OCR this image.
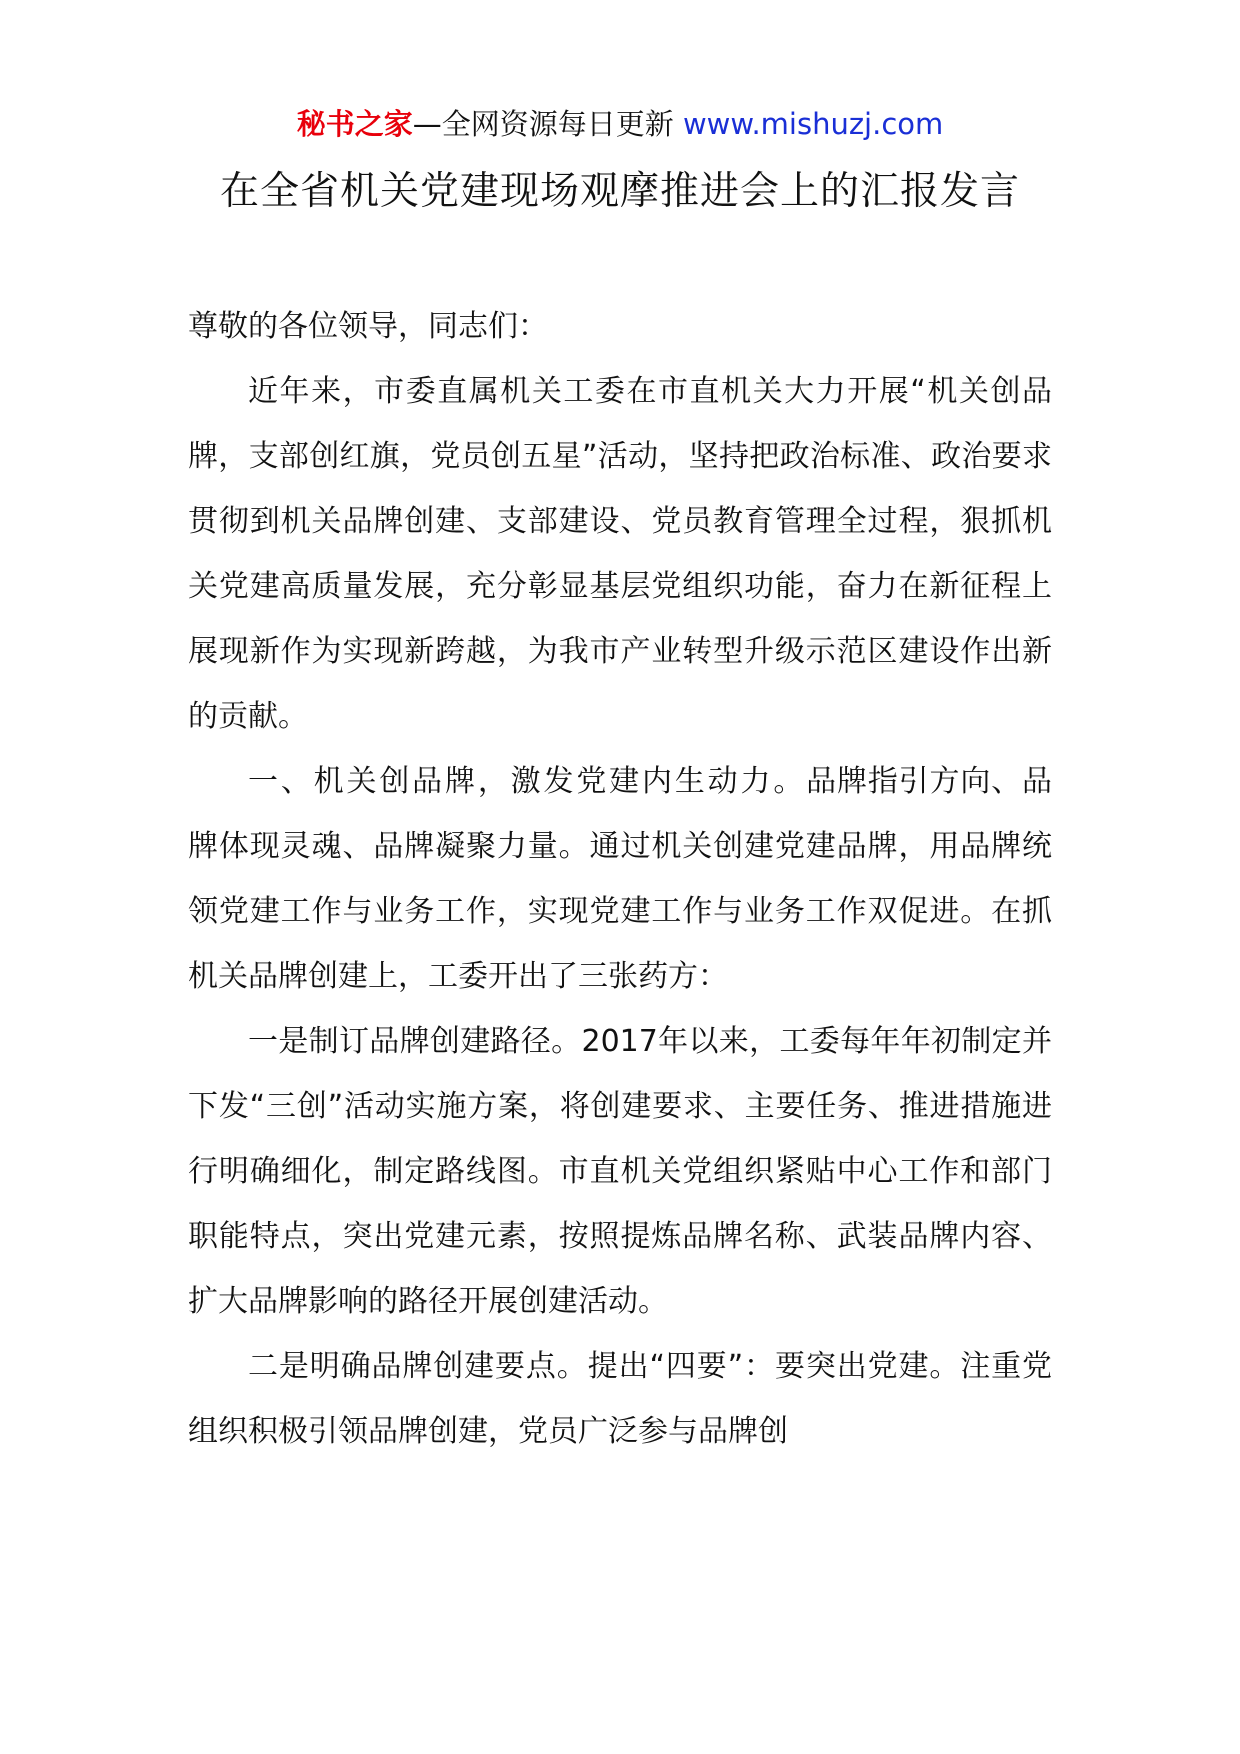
秘书之家—全网资源每日更新 www.mishuzj.com
在全省机关党建现场观摩推进会上的汇报发言

尊敬的各位领导，同志们：

近年来，市委直属机关工委在市直机关大力开展“机关创品牌，支部创红旗，党员创五星”活动，坚持把政治标准、政治要求贯彻到机关品牌创建、支部建设、党员教育管理全过程，狠抓机关党建高质量发展，充分彰显基层党组织功能，奋力在新征程上展现新作为实现新跨越，为我市产业转型升级示范区建设作出新的贡献。

一、机关创品牌，激发党建内生动力。品牌指引方向、品牌体现灵魂、品牌凝聚力量。通过机关创建党建品牌，用品牌统领党建工作与业务工作，实现党建工作与业务工作双促进。在抓机关品牌创建上，工委开出了三张药方：

一是制订品牌创建路径。2017年以来，工委每年年初制定并下发“三创”活动实施方案，将创建要求、主要任务、推进措施进行明确细化，制定路线图。市直机关党组织紧贴中心工作和部门职能特点，突出党建元素，按照提炼品牌名称、武装品牌内容、扩大品牌影响的路径开展创建活动。

二是明确品牌创建要点。提出“四要”：要突出党建。注重党组织积极引领品牌创建，党员广泛参与品牌创
